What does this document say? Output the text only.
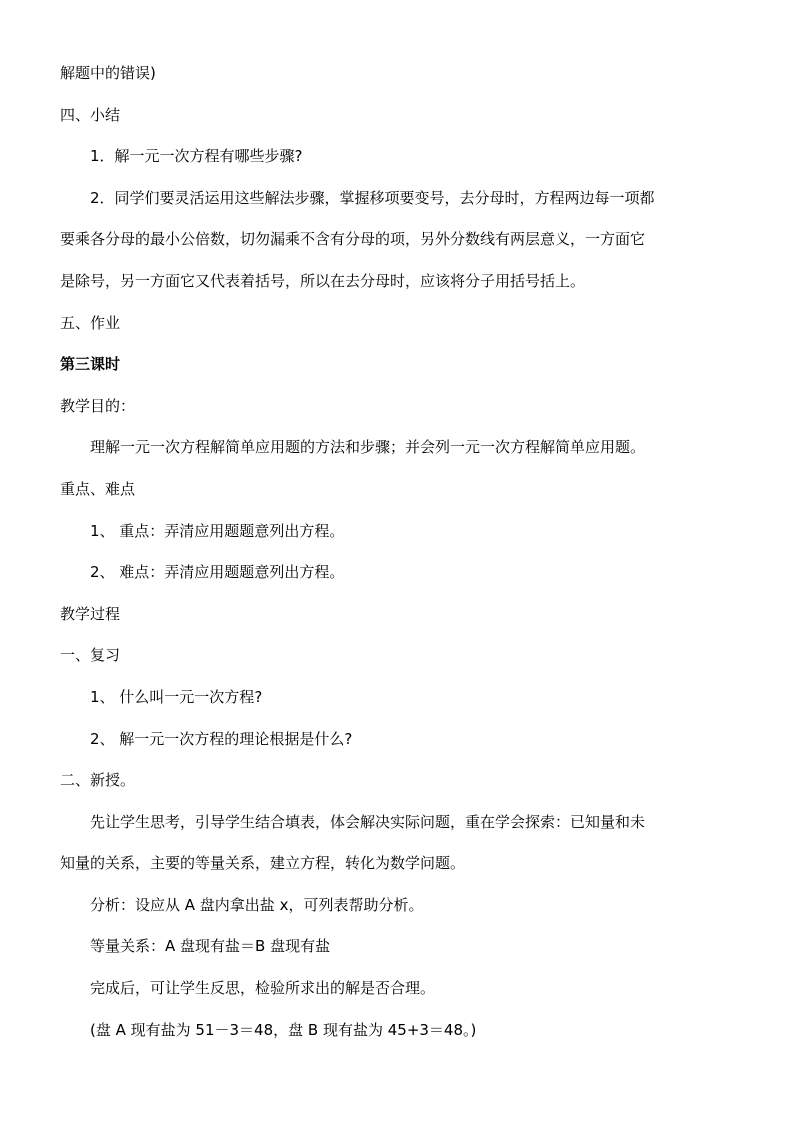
解题中的错误)
四、小结
1．解一元一次方程有哪些步骤?
2．同学们要灵活运用这些解法步骤，掌握移项要变号，去分母时，方程两边每一项都
要乘各分母的最小公倍数，切勿漏乘不含有分母的项，另外分数线有两层意义，一方面它
是除号，另一方面它又代表着括号，所以在去分母时，应该将分子用括号括上。
五、作业
第三课时
教学目的：
理解一元一次方程解简单应用题的方法和步骤；并会列一元一次方程解简单应用题。
重点、难点
1、 重点：弄清应用题题意列出方程。
2、 难点：弄清应用题题意列出方程。
教学过程
一、复习
1、 什么叫一元一次方程?
2、 解一元一次方程的理论根据是什么?
二、新授。
先让学生思考，引导学生结合填表，体会解决实际问题，重在学会探索：已知量和未
知量的关系，主要的等量关系，建立方程，转化为数学问题。
分析：设应从 A 盘内拿出盐 x，可列表帮助分析。
等量关系：A 盘现有盐＝B 盘现有盐
完成后，可让学生反思，检验所求出的解是否合理。
(盘 A 现有盐为 51－3＝48，盘 B 现有盐为 45+3＝48。)
